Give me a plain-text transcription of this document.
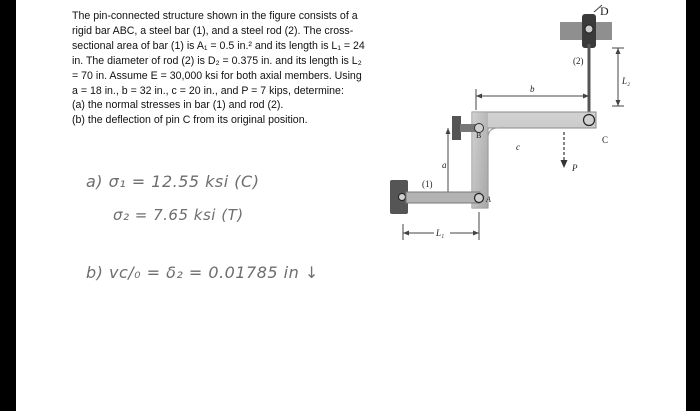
The pin-connected structure shown in the figure consists of a

rigid bar ABC, a steel bar (1), and a steel rod (2). The cross-

sectional area of bar (1) is A₁ = 0.5 in.² and its length is L₁ = 24

in. The diameter of rod (2) is D₂ = 0.375 in. and its length is L₂

= 70 in. Assume E = 30,000 ksi for both axial members. Using

a = 18 in., b = 32 in., c = 20 in., and P = 7 kips, determine:

(a) the normal stresses in bar (1) and rod (2).

(b) the deflection of pin C from its original position.

a) σ₁ = 12.55 ksi (C)
σ₂ = 7.65 ksi (T)
b) vᴄ/₀ = δ₂ = 0.01785 in ↓
D
(2)
L₂
b
B	C
c
P
a
(1)
A
L₁
